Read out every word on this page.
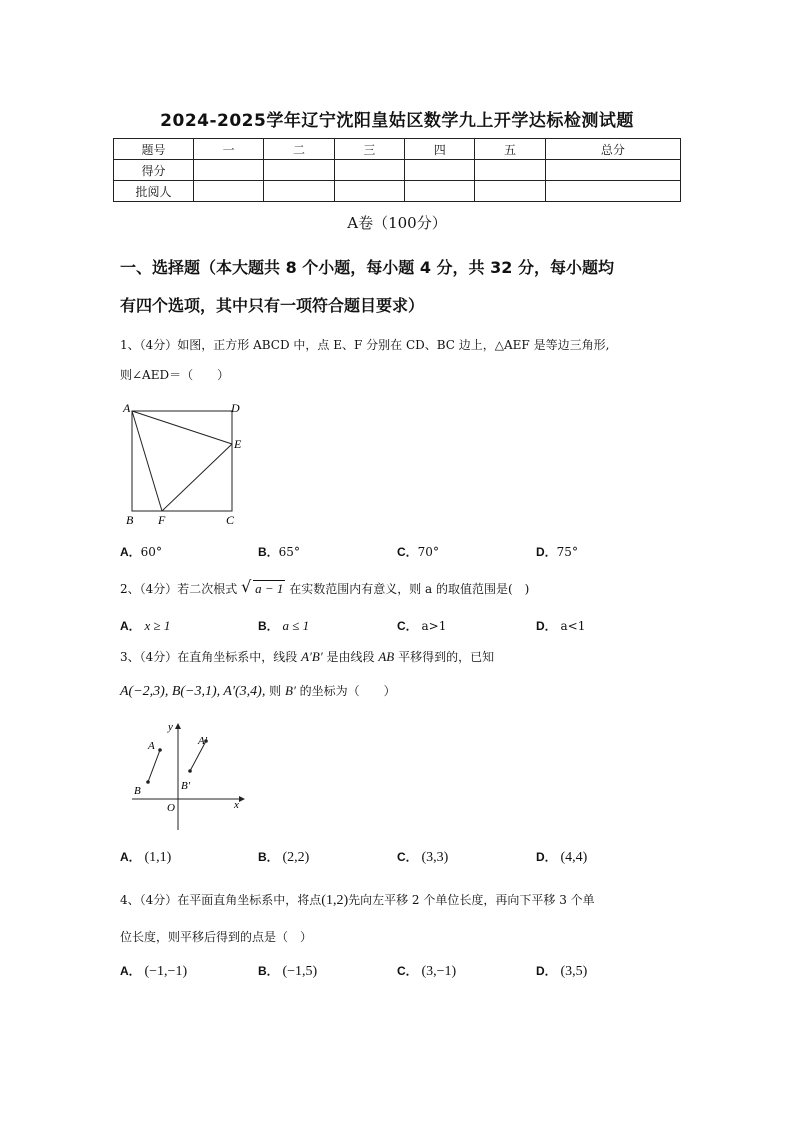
2024-2025学年辽宁沈阳皇姑区数学九上开学达标检测试题
题号	一	二	三	四	五	总分
得分						
批阅人						
A卷（100分）
一、选择题（本大题共 8 个小题，每小题 4 分，共 32 分，每小题均
有四个选项，其中只有一项符合题目要求）
1、（4分）如图，正方形 ABCD 中，点 E、F 分别在 CD、BC 边上，△AEF 是等边三角形,
则∠AED＝（　　）
A	D
E
B F	C
A．60°	B．65°	C．70°	D．75°
2、（4分）若二次根式 √ a − 1 在实数范围内有意义，则 a 的取值范围是(　)
A． x ≥ 1	B． a ≤ 1	C． a>1	D． a<1
3、（4分）在直角坐标系中，线段 A′B′ 是由线段 AB 平移得到的，已知
A(−2,3), B(−3,1), A′(3,4), 则 B′ 的坐标为（　　）
y
x
O
A
B
A'
B'
A． (1,1)	B． (2,2)	C． (3,3)	D． (4,4)
4、（4分）在平面直角坐标系中，将点(1,2)先向左平移 2 个单位长度，再向下平移 3 个单
位长度，则平移后得到的点是（　）
A． (−1,−1)	B． (−1,5)	C． (3,−1)	D． (3,5)
